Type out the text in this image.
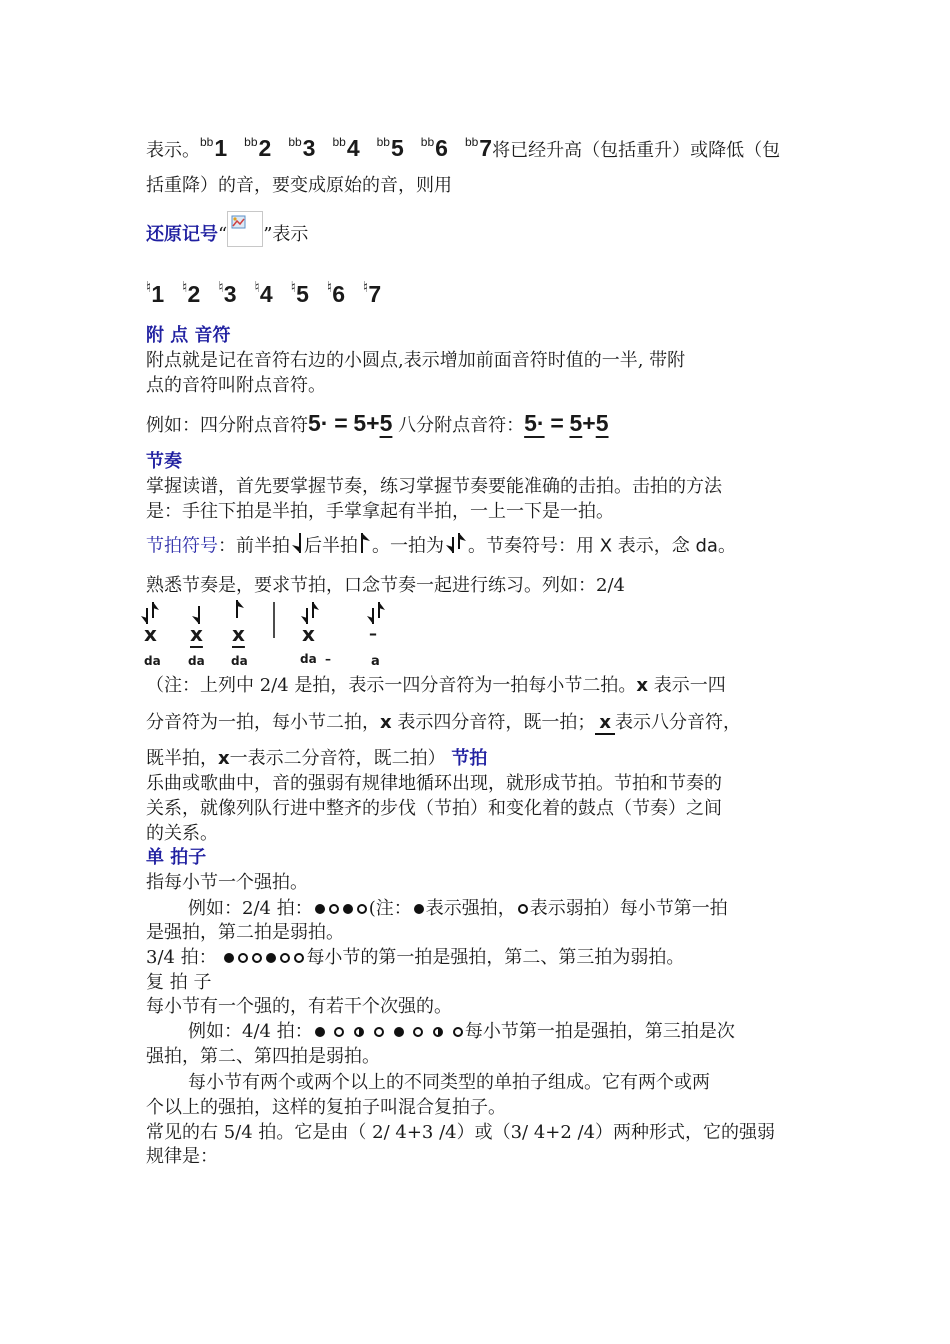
表示。$^{bb}$1 $^{bb}$2 $^{bb}$3 $^{bb}$4 $^{bb}$5 $^{bb}$6 $^{bb}$7将已经升高（包括重升）或降低（包
括重降）的音，要变成原始的音，则用
还原记号“ ”表示
♮1 ♮2 ♮3 ♮4 ♮5 ♮6 ♮7
附 点 音符
附点就是记在音符右边的小圆点,表示增加前面音符时值的一半, 带附
点的音符叫附点音符。
例如：四分附点音符5· = 5+5 八分附点音符：5· = 5+5
节奏
掌握读谱，首先要掌握节奏，练习掌握节奏要能准确的击拍。击拍的方法
是：手往下拍是半拍，手掌拿起有半拍，一上一下是一拍。
节拍符号：前半拍 后半拍 。一拍为 。节奏符号：用 X 表示，念 da。
熟悉节奏是，要求节拍，口念节奏一起进行练习。列如：2/4
x x x	x	–
da da da	da –	a
（注：上列中 2/4 是拍，表示一四分音符为一拍每小节二拍。x 表示一四
分音符为一拍，每小节二拍，x 表示四分音符，既一拍； x 表示八分音符，
既半拍，x一表示二分音符，既二拍） 节拍
乐曲或歌曲中，音的强弱有规律地循环出现，就形成节拍。节拍和节奏的
关系，就像列队行进中整齐的步伐（节拍）和变化着的鼓点（节奏）之间
的关系。
单 拍子
指每小节一个强拍。
例如：2/4 拍：	(注： 表示强拍， 表示弱拍）每小节第一拍
是强拍，第二拍是弱拍。
3/4 拍：	每小节的第一拍是强拍，第二、第三拍为弱拍。
复 拍 子
每小节有一个强的，有若干个次强的。
例如：4/4 拍：	每小节第一拍是强拍，第三拍是次
强拍，第二、第四拍是弱拍。
每小节有两个或两个以上的不同类型的单拍子组成。它有两个或两
个以上的强拍，这样的复拍子叫混合复拍子。
常见的右 5/4 拍。它是由（ 2/ 4+3 /4）或（3/ 4+2 /4）两种形式，它的强弱
规律是：
